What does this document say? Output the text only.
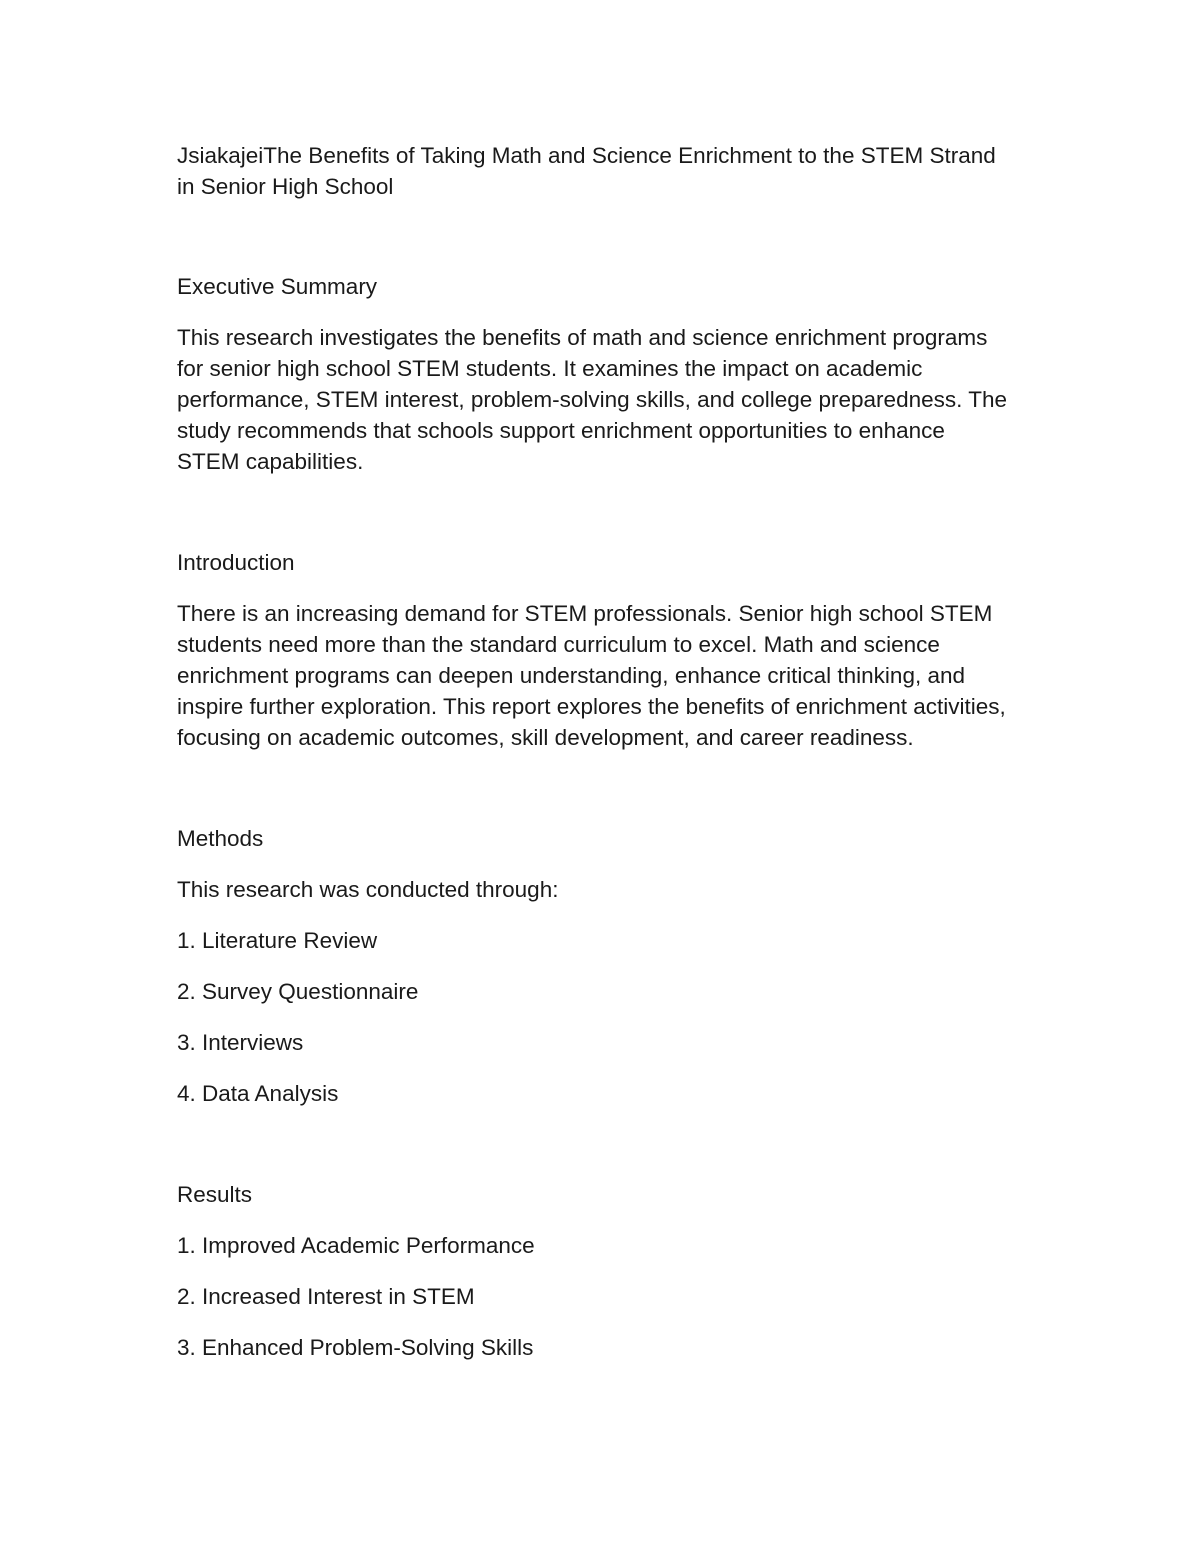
JsiakajeiThe Benefits of Taking Math and Science Enrichment to the STEM Strand in Senior High School

Executive Summary

This research investigates the benefits of math and science enrichment programs for senior high school STEM students. It examines the impact on academic performance, STEM interest, problem-solving skills, and college preparedness. The study recommends that schools support enrichment opportunities to enhance STEM capabilities.

Introduction

There is an increasing demand for STEM professionals. Senior high school STEM students need more than the standard curriculum to excel. Math and science enrichment programs can deepen understanding, enhance critical thinking, and inspire further exploration. This report explores the benefits of enrichment activities, focusing on academic outcomes, skill development, and career readiness.

Methods

This research was conducted through:

1. Literature Review

2. Survey Questionnaire

3. Interviews

4. Data Analysis

Results

1. Improved Academic Performance

2. Increased Interest in STEM

3. Enhanced Problem-Solving Skills
